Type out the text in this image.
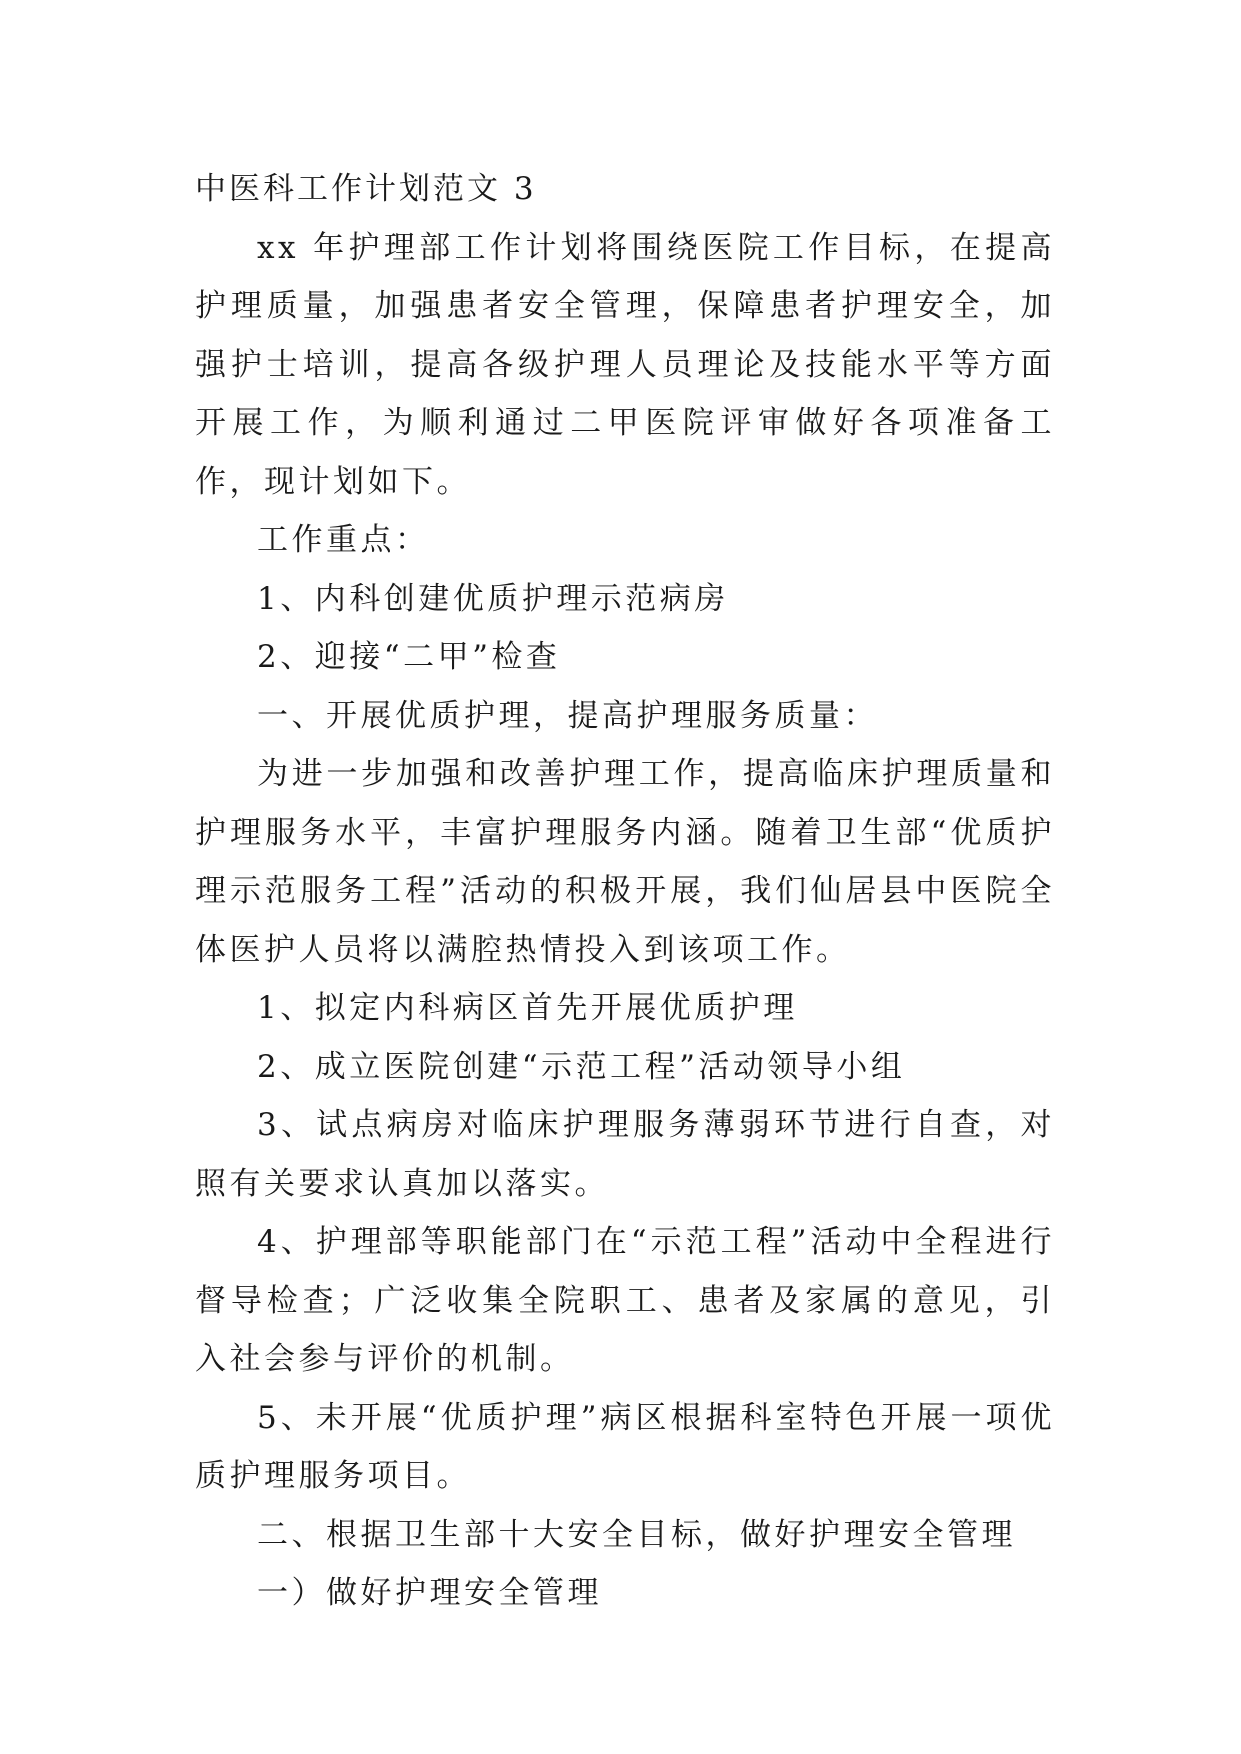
中医科工作计划范文 3

xx 年护理部工作计划将围绕医院工作目标，在提高护理质量，加强患者安全管理，保障患者护理安全，加强护士培训，提高各级护理人员理论及技能水平等方面开展工作，为顺利通过二甲医院评审做好各项准备工作，现计划如下。

工作重点：

1、内科创建优质护理示范病房

2、迎接“二甲”检查

一、开展优质护理，提高护理服务质量：

为进一步加强和改善护理工作，提高临床护理质量和护理服务水平，丰富护理服务内涵。随着卫生部“优质护理示范服务工程”活动的积极开展，我们仙居县中医院全体医护人员将以满腔热情投入到该项工作。

1、拟定内科病区首先开展优质护理

2、成立医院创建“示范工程”活动领导小组

3、试点病房对临床护理服务薄弱环节进行自查，对照有关要求认真加以落实。

4、护理部等职能部门在“示范工程”活动中全程进行督导检查；广泛收集全院职工、患者及家属的意见，引入社会参与评价的机制。

5、未开展“优质护理”病区根据科室特色开展一项优质护理服务项目。

二、根据卫生部十大安全目标，做好护理安全管理

一）做好护理安全管理
